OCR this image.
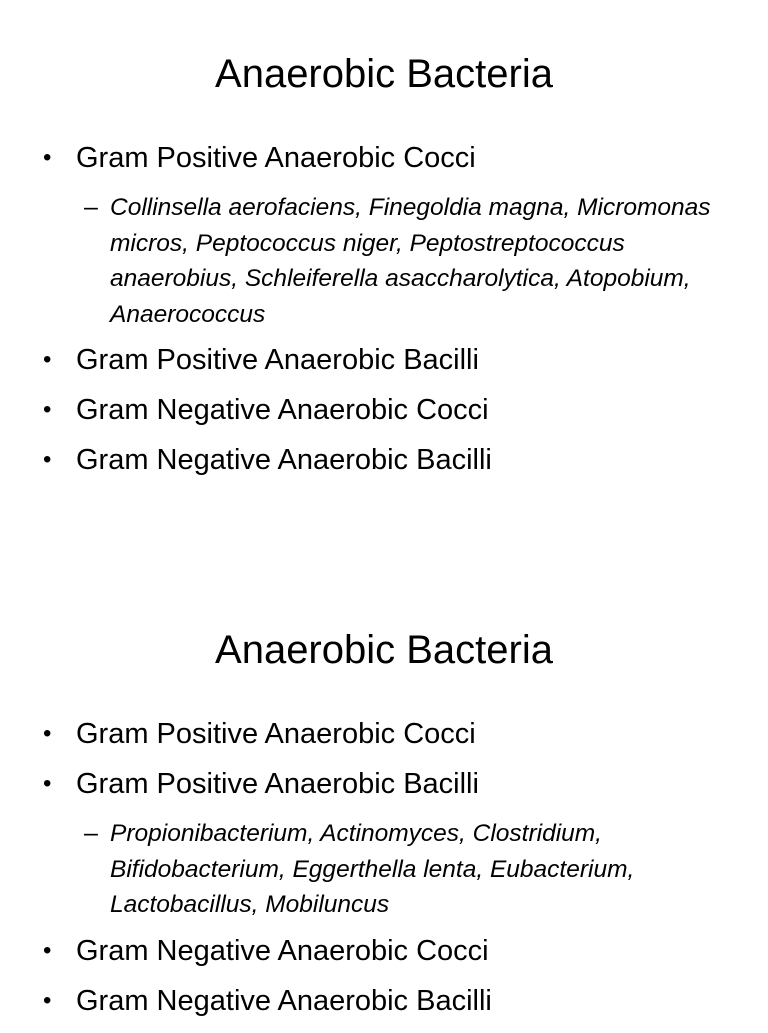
Anaerobic Bacteria
• Gram Positive Anaerobic Cocci
– Collinsella aerofaciens, Finegoldia magna, Micromonas micros, Peptococcus niger, Peptostreptococcus anaerobius, Schleiferella asaccharolytica, Atopobium, Anaerococcus
• Gram Positive Anaerobic Bacilli
• Gram Negative Anaerobic Cocci
• Gram Negative Anaerobic Bacilli
Anaerobic Bacteria
• Gram Positive Anaerobic Cocci
• Gram Positive Anaerobic Bacilli
– Propionibacterium, Actinomyces, Clostridium, Bifidobacterium, Eggerthella lenta, Eubacterium, Lactobacillus, Mobiluncus
• Gram Negative Anaerobic Cocci
• Gram Negative Anaerobic Bacilli
